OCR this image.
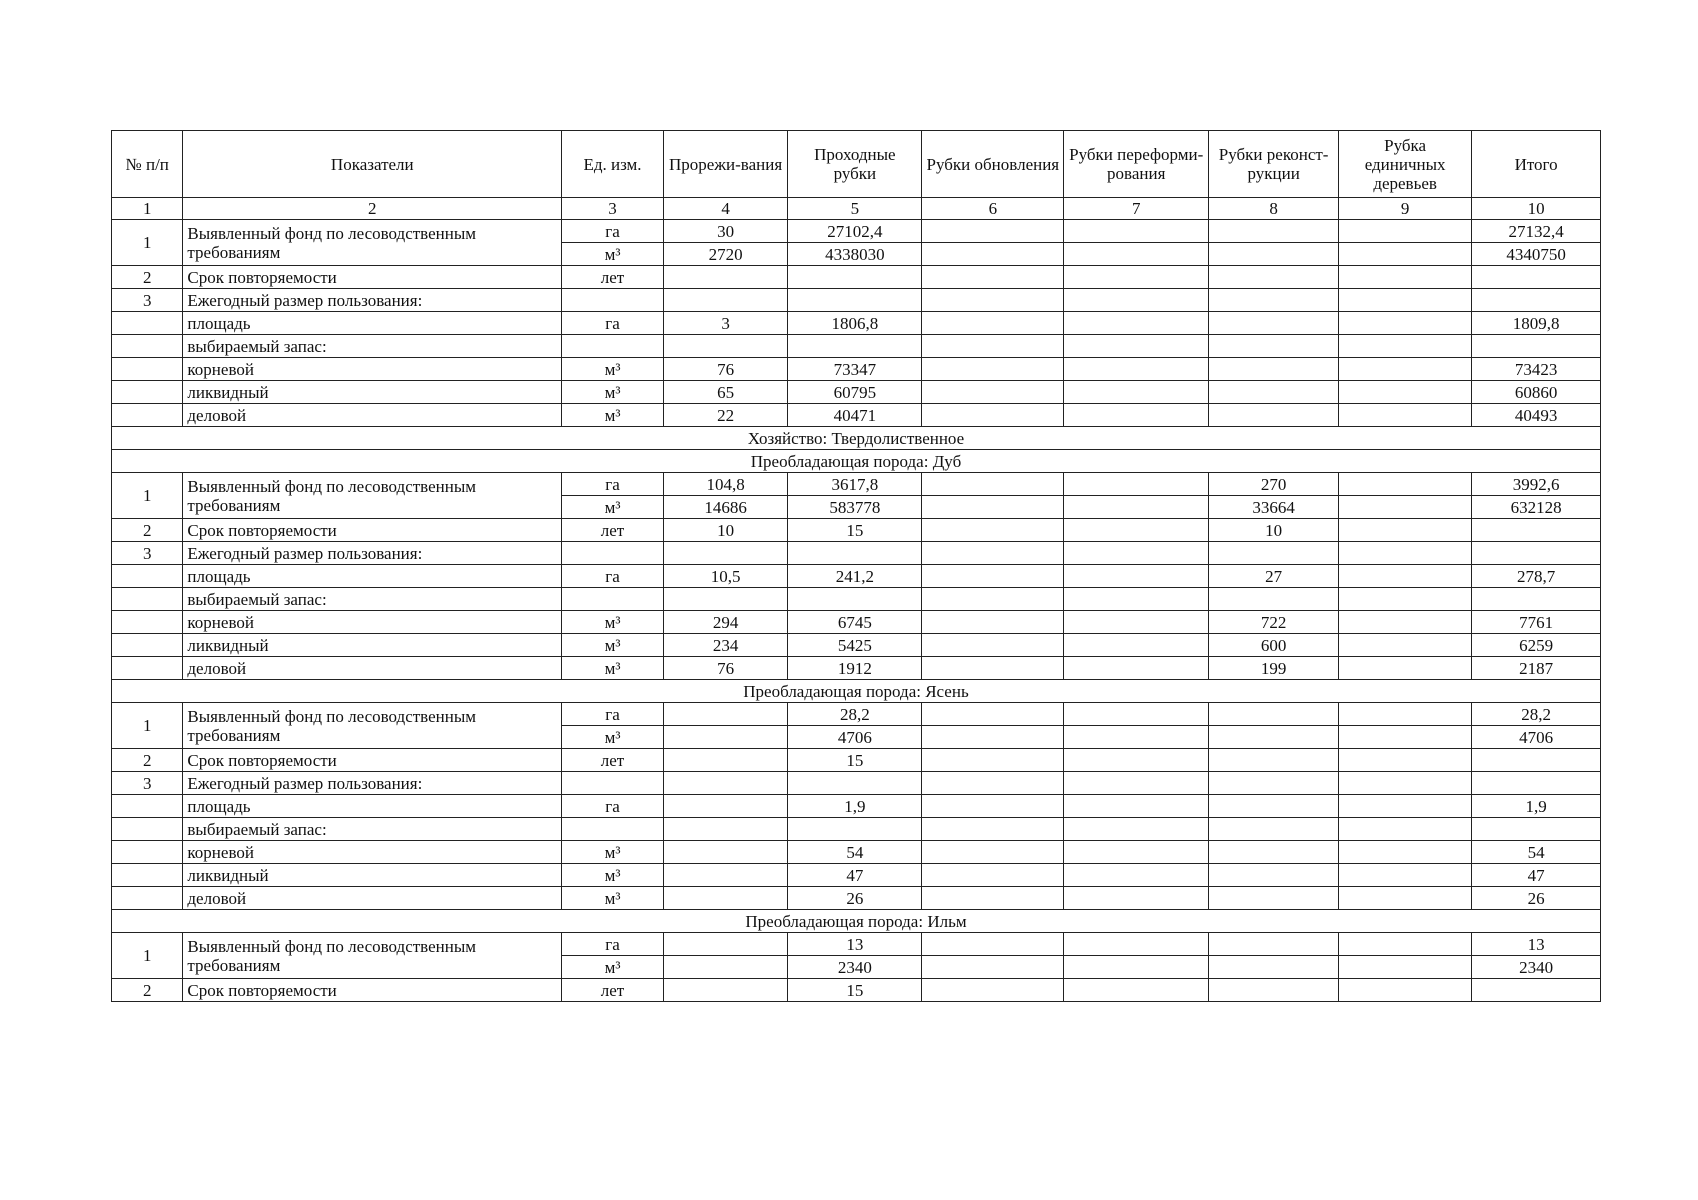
№ п/п	Показатели	Ед. изм.	Прорежи-вания	Проходные рубки	Рубки обновления	Рубки переформи-рования	Рубки реконст-рукции	Рубка единичных деревьев	Итого
1	2	3	4	5	6	7	8	9	10
1	Выявленный фонд по лесоводственным требованиям	га	30	27102,4					27132,4
		м³	2720	4338030					4340750
2	Срок повторяемости	лет							
3	Ежегодный размер пользования:								
	площадь	га	3	1806,8					1809,8
	выбираемый запас:								
	корневой	м³	76	73347					73423
	ликвидный	м³	65	60795					60860
	деловой	м³	22	40471					40493
Хозяйство: Твердолиственное									
Преобладающая порода: Дуб									
1	Выявленный фонд по лесоводственным требованиям	га	104,8	3617,8			270		3992,6
		м³	14686	583778			33664		632128
2	Срок повторяемости	лет	10	15			10		
3	Ежегодный размер пользования:								
	площадь	га	10,5	241,2			27		278,7
	выбираемый запас:								
	корневой	м³	294	6745			722		7761
	ликвидный	м³	234	5425			600		6259
	деловой	м³	76	1912			199		2187
Преобладающая порода: Ясень									
1	Выявленный фонд по лесоводственным требованиям	га		28,2					28,2
		м³		4706					4706
2	Срок повторяемости	лет		15					
3	Ежегодный размер пользования:								
	площадь	га		1,9					1,9
	выбираемый запас:								
	корневой	м³		54					54
	ликвидный	м³		47					47
	деловой	м³		26					26
Преобладающая порода: Ильм									
1	Выявленный фонд по лесоводственным требованиям	га		13					13
		м³		2340					2340
2	Срок повторяемости	лет		15					
